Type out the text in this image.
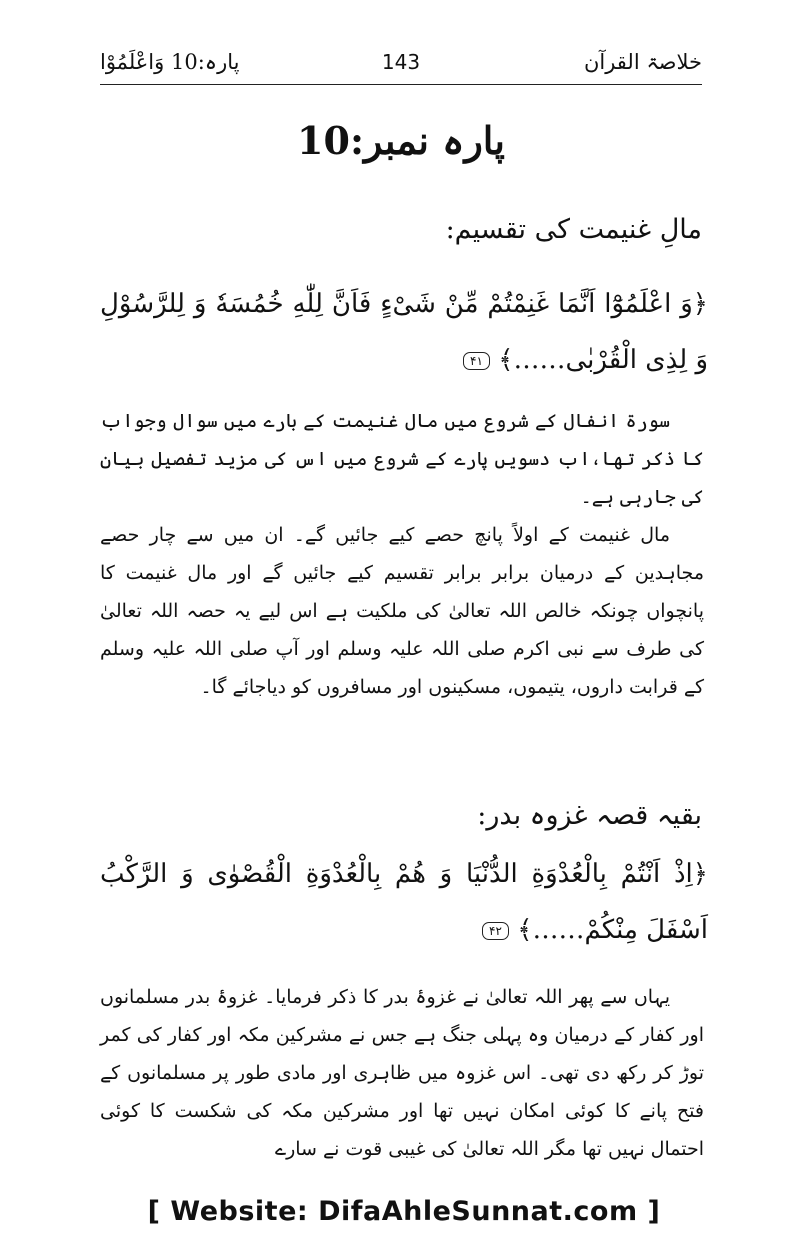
خلاصۃ القرآن
143
پارہ:10 وَاعْلَمُوْا
پارہ نمبر:10
مالِ غنیمت کی تقسیم:
﴿وَ اعْلَمُوْٓا اَنَّمَا غَنِمْتُمْ مِّنْ شَیْءٍ فَاَنَّ لِلّٰهِ خُمُسَهٗ وَ لِلرَّسُوْلِ وَ لِذِی الْقُرْبٰی……﴾ ۴۱

سورۃ انفال کے شروع میں مال غنیمت کے بارے میں سوال وجواب کا ذکر تھا،اب دسویں پارے کے شروع میں اس کی مزید تفصیل بیان کی جارہی ہے۔

مال غنیمت کے اولاً پانچ حصے کیے جائیں گے۔ ان میں سے چار حصے مجاہدین کے درمیان برابر برابر تقسیم کیے جائیں گے اور مال غنیمت کا پانچواں چونکہ خالص اللہ تعالیٰ کی ملکیت ہے اس لیے یہ حصہ اللہ تعالیٰ کی طرف سے نبی اکرم صلی اللہ علیہ وسلم اور آپ صلی اللہ علیہ وسلم کے قرابت داروں، یتیموں، مسکینوں اور مسافروں کو دیاجائے گا۔

بقیہ قصہ غزوہ بدر:
﴿اِذْ اَنْتُمْ بِالْعُدْوَةِ الدُّنْیَا وَ هُمْ بِالْعُدْوَةِ الْقُصْوٰی وَ الرَّكْبُ اَسْفَلَ مِنْكُمْ……﴾ ۴۲

یہاں سے پھر اللہ تعالیٰ نے غزوۂ بدر کا ذکر فرمایا۔ غزوۂ بدر مسلمانوں اور کفار کے درمیان وہ پہلی جنگ ہے جس نے مشرکین مکہ اور کفار کی کمر توڑ کر رکھ دی تھی۔ اس غزوہ میں ظاہری اور مادی طور پر مسلمانوں کے فتح پانے کا کوئی امکان نہیں تھا اور مشرکین مکہ کی شکست کا کوئی احتمال نہیں تھا مگر اللہ تعالیٰ کی غیبی قوت نے سارے

[ Website: DifaAhleSunnat.com ]
